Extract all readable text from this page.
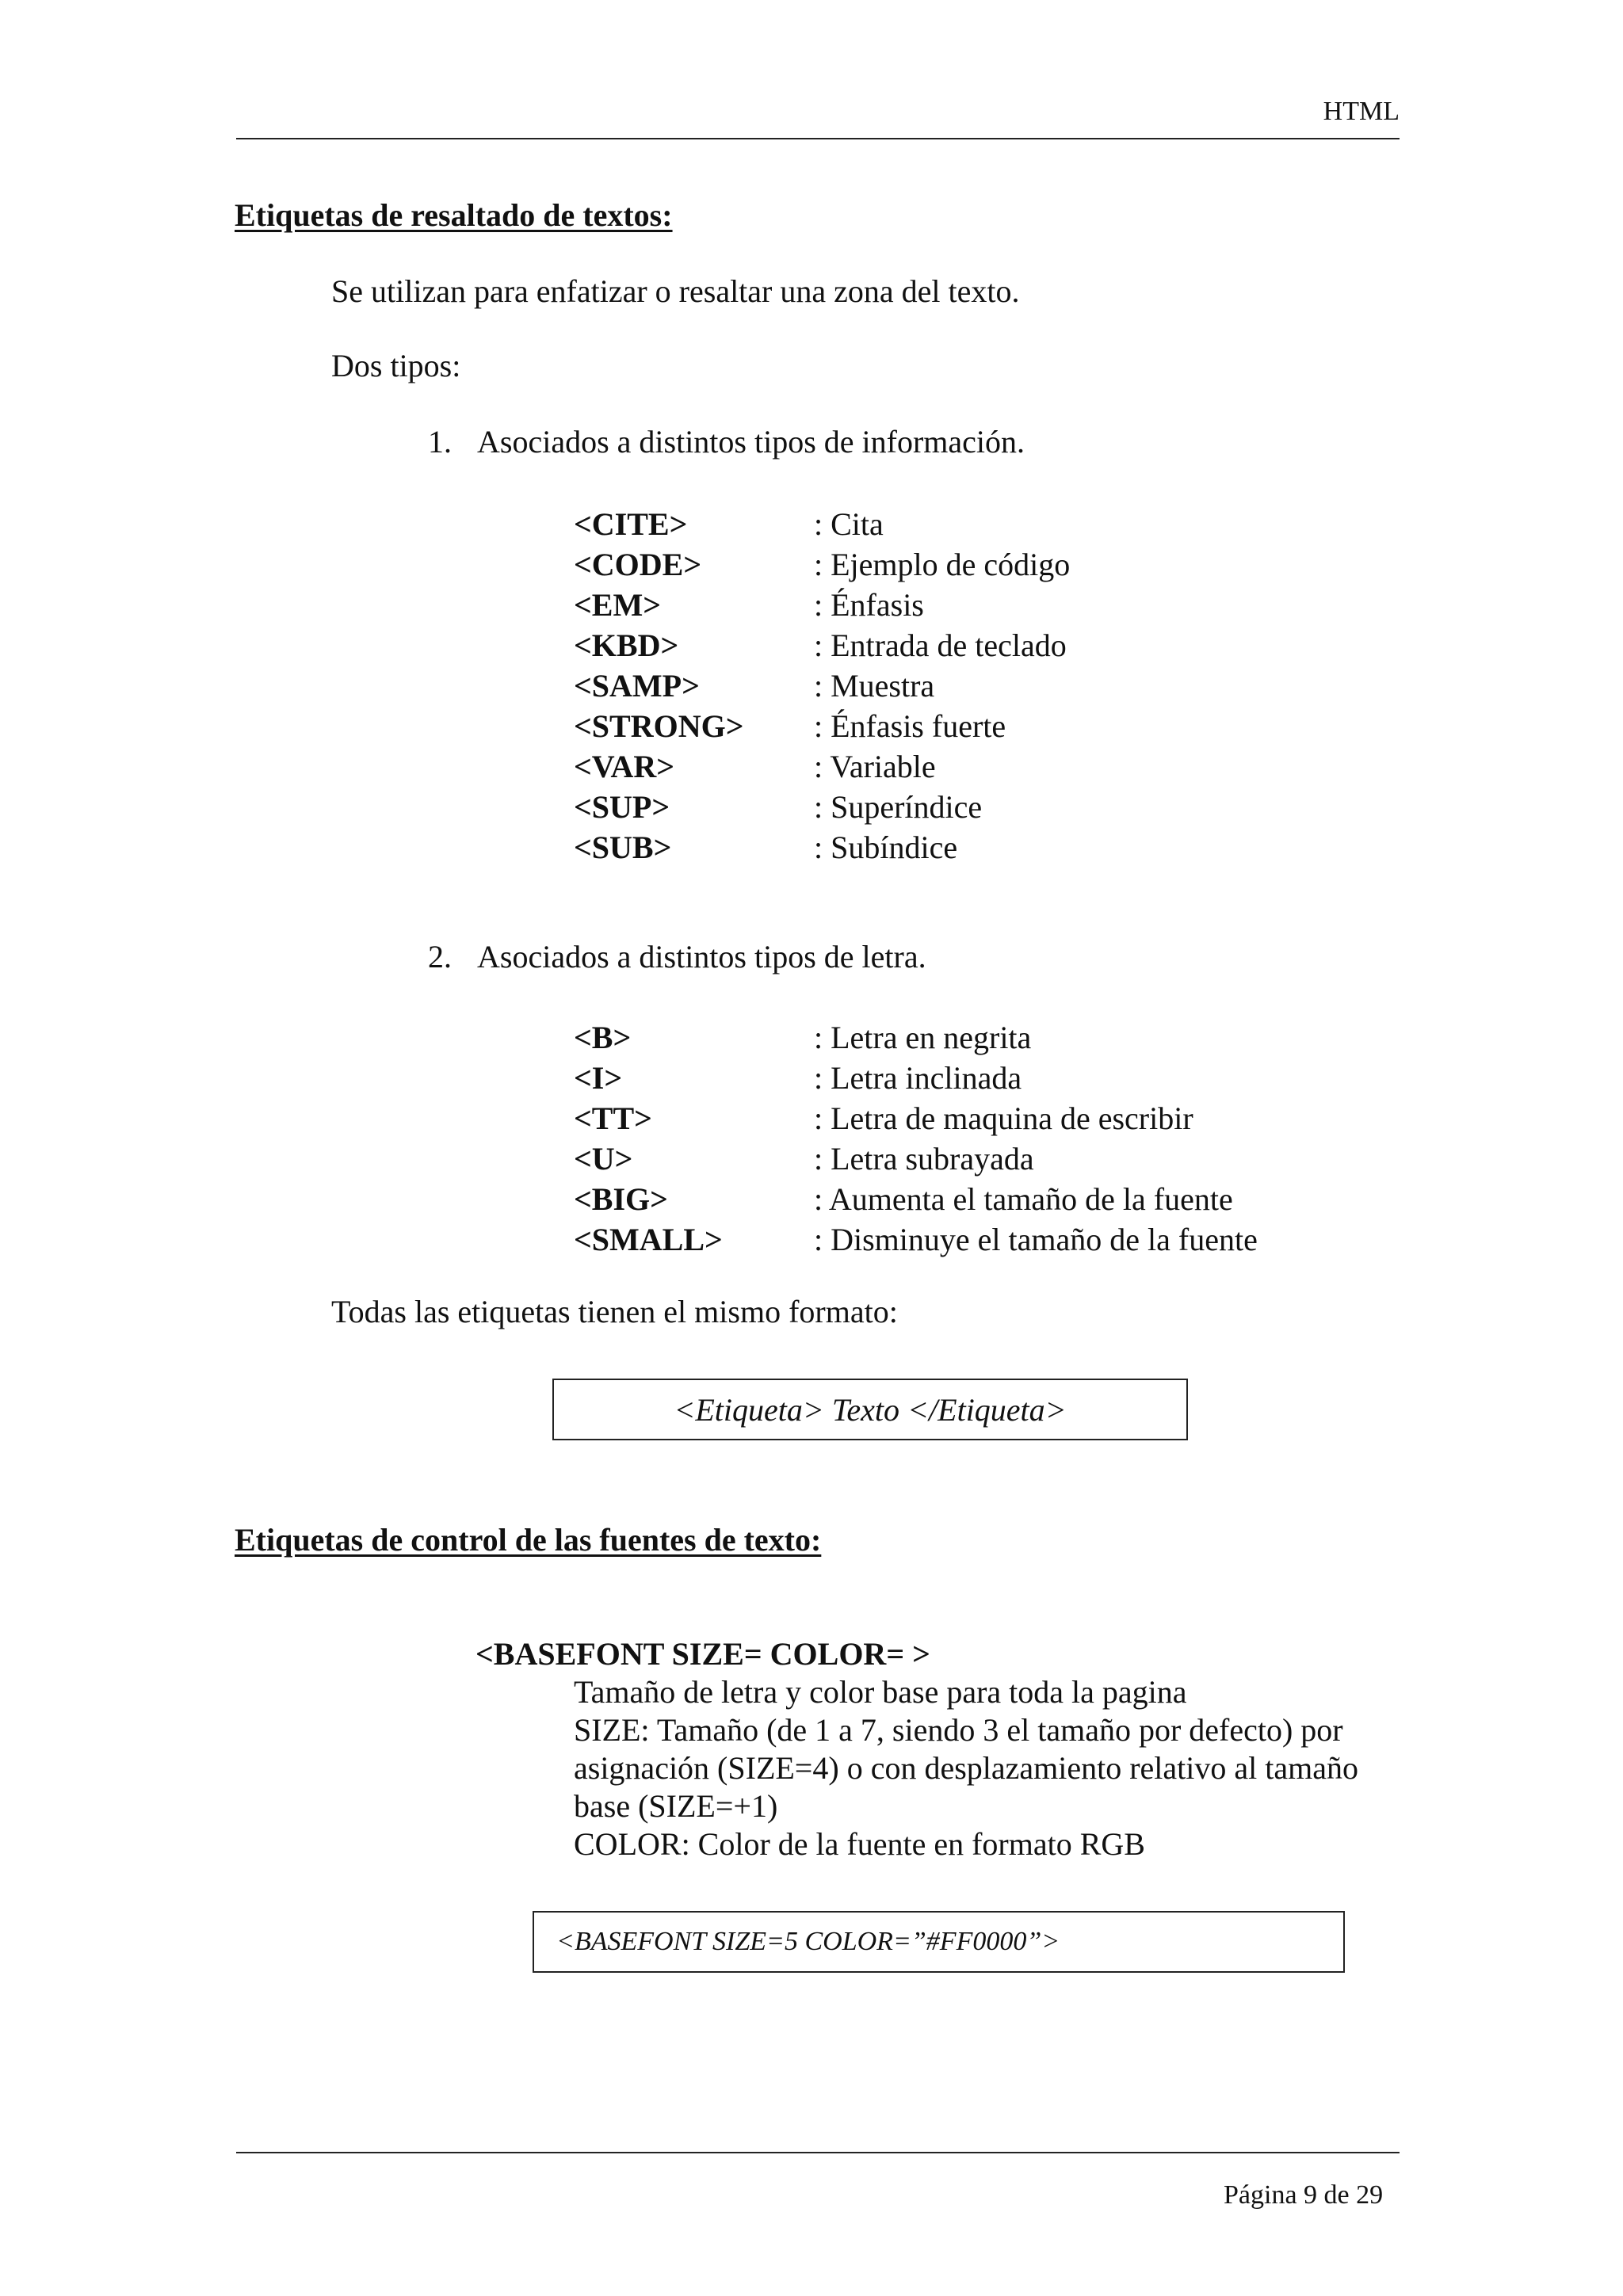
HTML
Etiquetas de resaltado de textos:
Se utilizan para enfatizar o resaltar una zona del texto.
Dos tipos:
1. Asociados a distintos tipos de información.
<CITE>	: Cita
<CODE>	: Ejemplo de código
<EM>	: Énfasis
<KBD>	: Entrada de teclado
<SAMP>	: Muestra
<STRONG>	: Énfasis fuerte
<VAR>	: Variable
<SUP>	: Superíndice
<SUB>	: Subíndice
2. Asociados a distintos tipos de letra.
<B>	: Letra en negrita
<I>	: Letra inclinada
<TT>	: Letra de maquina de escribir
<U>	: Letra subrayada
<BIG>	: Aumenta el tamaño de la fuente
<SMALL>	: Disminuye el tamaño de la fuente
Todas las etiquetas tienen el mismo formato:
<Etiqueta> Texto </Etiqueta>
Etiquetas de control de las fuentes de texto:
<BASEFONT SIZE= COLOR= >
Tamaño de letra y color base para toda la pagina
SIZE: Tamaño (de 1 a 7, siendo 3 el tamaño por defecto) por
asignación (SIZE=4) o con desplazamiento relativo al tamaño
base (SIZE=+1)
COLOR: Color de la fuente en formato RGB
<BASEFONT SIZE=5 COLOR=”#FF0000”>
Página 9 de 29
